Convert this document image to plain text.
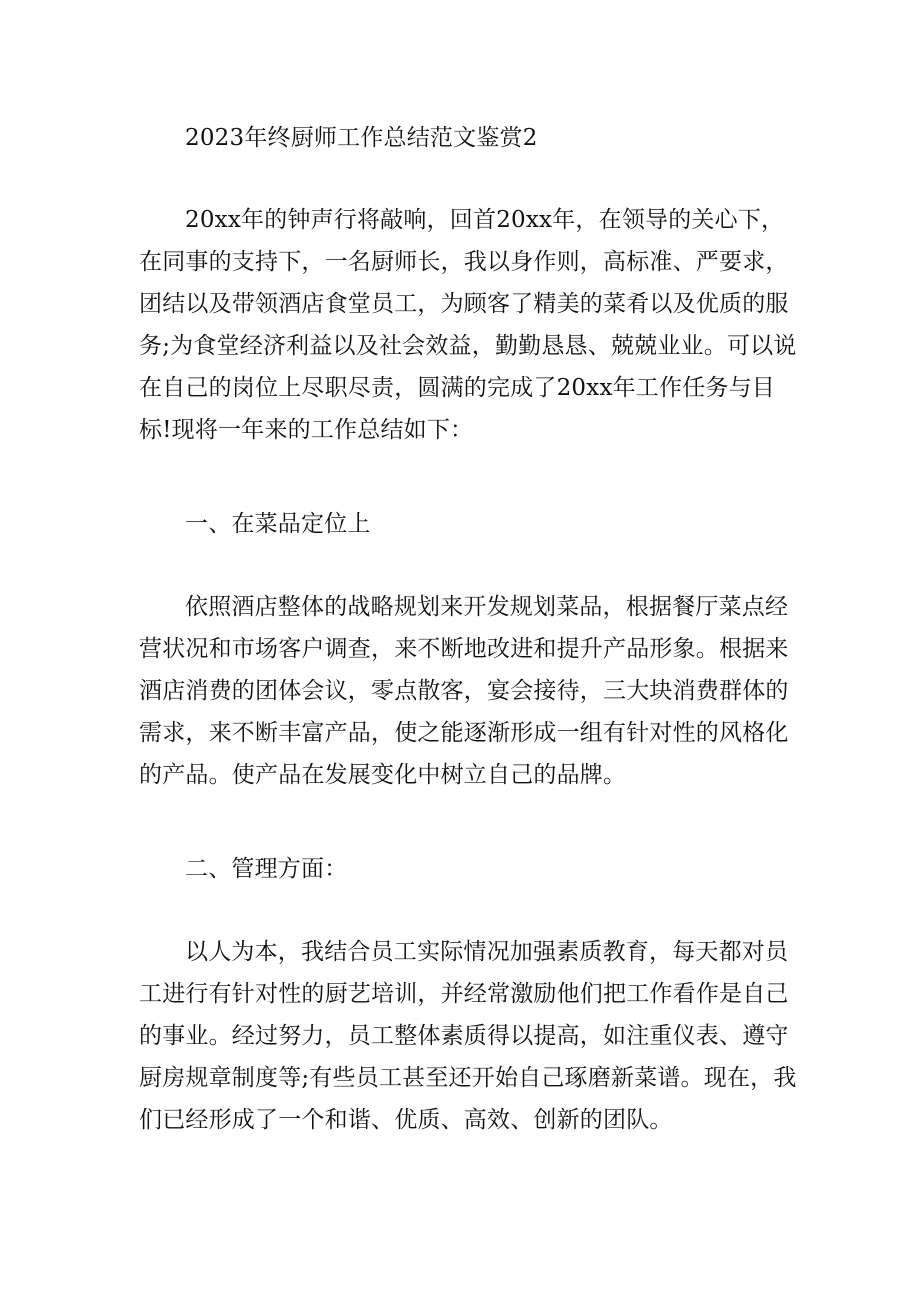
2023年终厨师工作总结范文鉴赏2

20xx年的钟声行将敲响，回首20xx年，在领导的关心下，在同事的支持下，一名厨师长，我以身作则，高标准、严要求，团结以及带领酒店食堂员工，为顾客了精美的菜肴以及优质的服务;为食堂经济利益以及社会效益，勤勤恳恳、兢兢业业。可以说在自己的岗位上尽职尽责，圆满的完成了20xx年工作任务与目标!现将一年来的工作总结如下：

一、在菜品定位上

依照酒店整体的战略规划来开发规划菜品，根据餐厅菜点经营状况和市场客户调查，来不断地改进和提升产品形象。根据来酒店消费的团体会议，零点散客，宴会接待，三大块消费群体的需求，来不断丰富产品，使之能逐渐形成一组有针对性的风格化的产品。使产品在发展变化中树立自己的品牌。

二、管理方面：

以人为本，我结合员工实际情况加强素质教育，每天都对员工进行有针对性的厨艺培训，并经常激励他们把工作看作是自己的事业。经过努力，员工整体素质得以提高，如注重仪表、遵守厨房规章制度等;有些员工甚至还开始自己琢磨新菜谱。现在，我们已经形成了一个和谐、优质、高效、创新的团队。
